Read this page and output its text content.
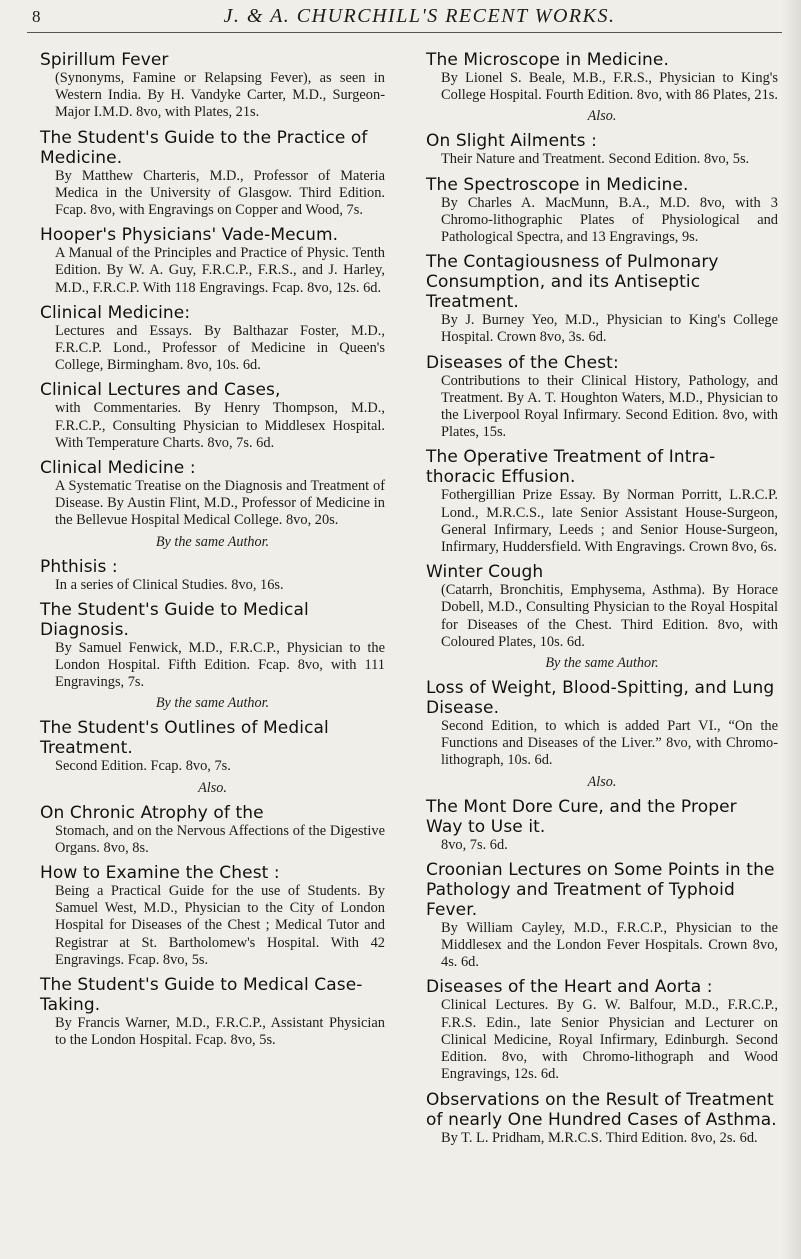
8	J. & A. CHURCHILL'S RECENT WORKS.
Spirillum Fever
(Synonyms, Famine or Relapsing Fever), as seen in Western India. By H. Vandyke Carter, M.D., Surgeon-Major I.M.D. 8vo, with Plates, 21s.
The Student's Guide to the Practice of Medicine.
By Matthew Charteris, M.D., Professor of Materia Medica in the University of Glasgow. Third Edition. Fcap. 8vo, with Engravings on Copper and Wood, 7s.
Hooper's Physicians' Vade-Mecum.
A Manual of the Principles and Practice of Physic. Tenth Edition. By W. A. Guy, F.R.C.P., F.R.S., and J. Harley, M.D., F.R.C.P. With 118 Engravings. Fcap. 8vo, 12s. 6d.
Clinical Medicine:
Lectures and Essays. By Balthazar Foster, M.D., F.R.C.P. Lond., Professor of Medicine in Queen's College, Birmingham. 8vo, 10s. 6d.
Clinical Lectures and Cases,
with Commentaries. By Henry Thompson, M.D., F.R.C.P., Consulting Physician to Middlesex Hospital. With Temperature Charts. 8vo, 7s. 6d.
Clinical Medicine :
A Systematic Treatise on the Diagnosis and Treatment of Disease. By Austin Flint, M.D., Professor of Medicine in the Bellevue Hospital Medical College. 8vo, 20s.
By the same Author.
Phthisis :
In a series of Clinical Studies. 8vo, 16s.
The Student's Guide to Medical Diagnosis.
By Samuel Fenwick, M.D., F.R.C.P., Physician to the London Hospital. Fifth Edition. Fcap. 8vo, with 111 Engravings, 7s.
By the same Author.
The Student's Outlines of Medical Treatment.
Second Edition. Fcap. 8vo, 7s.
Also.
On Chronic Atrophy of the
Stomach, and on the Nervous Affections of the Digestive Organs. 8vo, 8s.
How to Examine the Chest :
Being a Practical Guide for the use of Students. By Samuel West, M.D., Physician to the City of London Hospital for Diseases of the Chest ; Medical Tutor and Registrar at St. Bartholomew's Hospital. With 42 Engravings. Fcap. 8vo, 5s.
The Student's Guide to Medical Case-Taking.
By Francis Warner, M.D., F.R.C.P., Assistant Physician to the London Hospital. Fcap. 8vo, 5s.
The Microscope in Medicine.
By Lionel S. Beale, M.B., F.R.S., Physician to King's College Hospital. Fourth Edition. 8vo, with 86 Plates, 21s.
Also.
On Slight Ailments :
Their Nature and Treatment. Second Edition. 8vo, 5s.
The Spectroscope in Medicine.
By Charles A. MacMunn, B.A., M.D. 8vo, with 3 Chromo-lithographic Plates of Physiological and Pathological Spectra, and 13 Engravings, 9s.
The Contagiousness of Pulmonary Consumption, and its Antiseptic Treatment.
By J. Burney Yeo, M.D., Physician to King's College Hospital. Crown 8vo, 3s. 6d.
Diseases of the Chest:
Contributions to their Clinical History, Pathology, and Treatment. By A. T. Houghton Waters, M.D., Physician to the Liverpool Royal Infirmary. Second Edition. 8vo, with Plates, 15s.
The Operative Treatment of Intra-thoracic Effusion.
Fothergillian Prize Essay. By Norman Porritt, L.R.C.P. Lond., M.R.C.S., late Senior Assistant House-Surgeon, General Infirmary, Leeds ; and Senior House-Surgeon, Infirmary, Huddersfield. With Engravings. Crown 8vo, 6s.
Winter Cough
(Catarrh, Bronchitis, Emphysema, Asthma). By Horace Dobell, M.D., Consulting Physician to the Royal Hospital for Diseases of the Chest. Third Edition. 8vo, with Coloured Plates, 10s. 6d.
By the same Author.
Loss of Weight, Blood-Spitting, and Lung Disease.
Second Edition, to which is added Part VI., “On the Functions and Diseases of the Liver.” 8vo, with Chromo-lithograph, 10s. 6d.
Also.
The Mont Dore Cure, and the Proper Way to Use it.
8vo, 7s. 6d.
Croonian Lectures on Some Points in the Pathology and Treatment of Typhoid Fever.
By William Cayley, M.D., F.R.C.P., Physician to the Middlesex and the London Fever Hospitals. Crown 8vo, 4s. 6d.
Diseases of the Heart and Aorta :
Clinical Lectures. By G. W. Balfour, M.D., F.R.C.P., F.R.S. Edin., late Senior Physician and Lecturer on Clinical Medicine, Royal Infirmary, Edinburgh. Second Edition. 8vo, with Chromo-lithograph and Wood Engravings, 12s. 6d.
Observations on the Result of Treatment of nearly One Hundred Cases of Asthma.
By T. L. Pridham, M.R.C.S. Third Edition. 8vo, 2s. 6d.
